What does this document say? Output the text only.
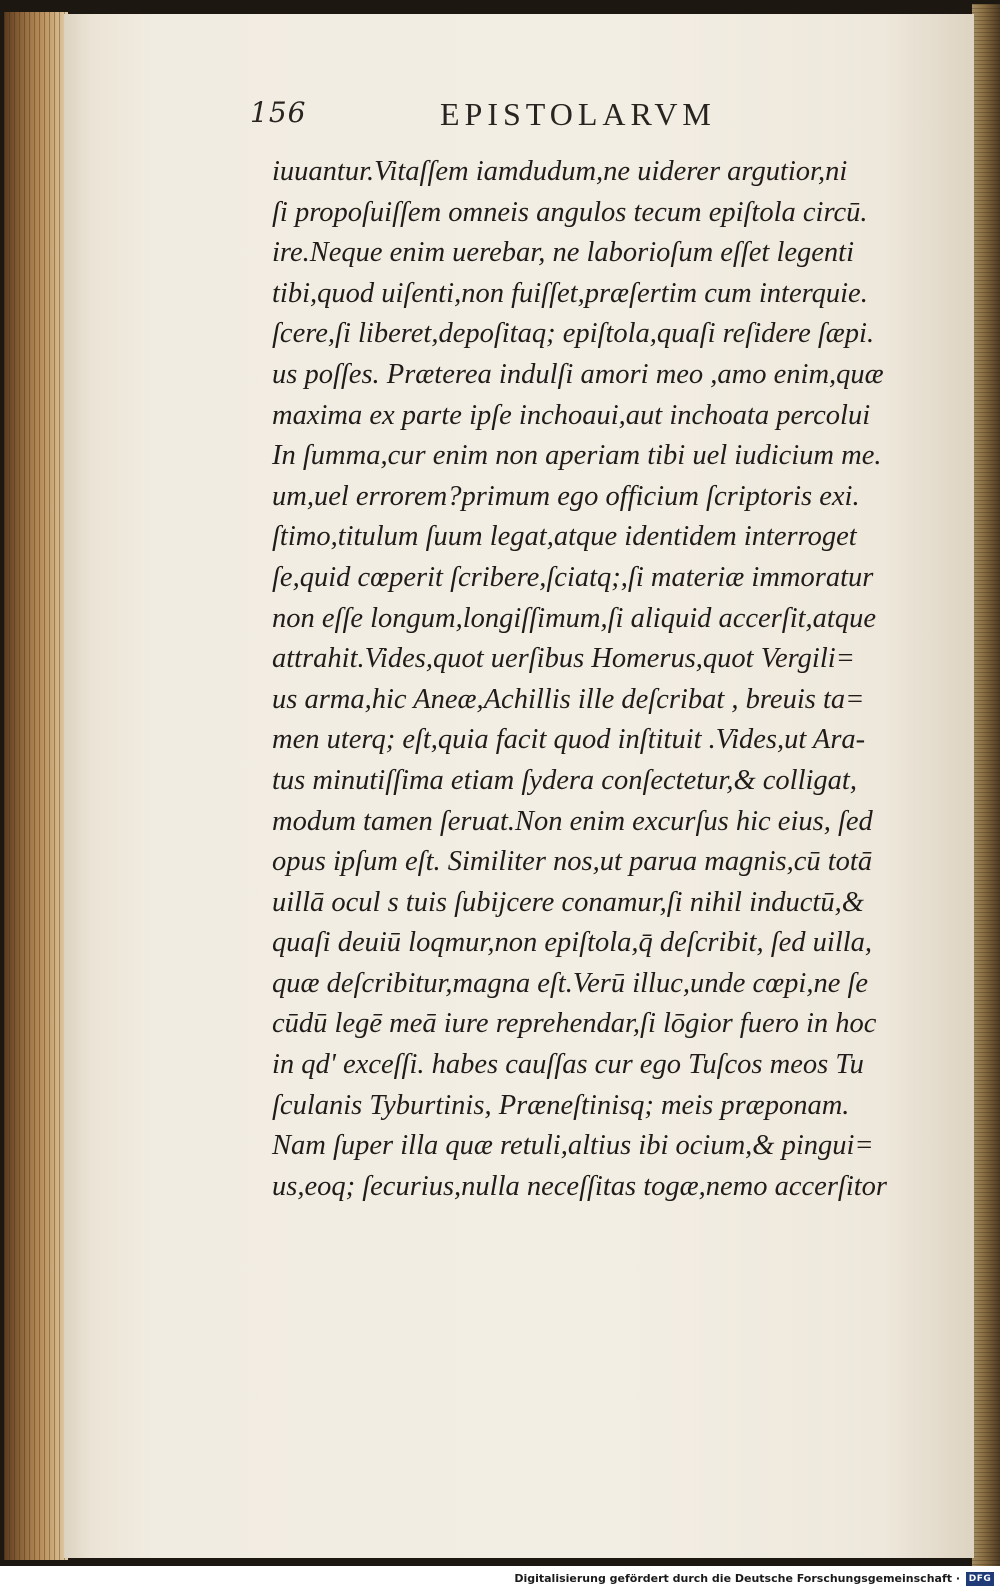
156	EPISTOLARVM
iuuantur.Vitaſſem iamdudum,ne uiderer argutior,ni
ſi propoſuiſſem omneis angulos tecum epiſtola circū.
ire.Neque enim uerebar, ne laborioſum eſſet legenti
tibi,quod uiſenti,non fuiſſet,præſertim cum interquie.
ſcere,ſi liberet,depoſitaq; epiſtola,quaſi reſidere ſæpi.
us poſſes. Præterea indulſi amori meo ,amo enim,quæ
maxima ex parte ipſe inchoaui,aut inchoata percolui
In ſumma,cur enim non aperiam tibi uel iudicium me.
um,uel errorem?primum ego officium ſcriptoris exi.
ſtimo,titulum ſuum legat,atque identidem interroget
ſe,quid cœperit ſcribere,ſciatq;,ſi materiæ immoratur
non eſſe longum,longiſſimum,ſi aliquid accerſit,atque
attrahit.Vides,quot uerſibus Homerus,quot Vergili=
us arma,hic Aneæ,Achillis ille deſcribat , breuis ta=
men uterq; eſt,quia facit quod inſtituit .Vides,ut Ara-
tus minutiſſima etiam ſydera conſectetur,& colligat,
modum tamen ſeruat.Non enim excurſus hic eius, ſed
opus ipſum eſt. Similiter nos,ut parua magnis,cū totā
uillā ocul s tuis ſubijcere conamur,ſi nihil inductū,&
quaſi deuiū loqmur,non epiſtola,q̄ deſcribit, ſed uilla,
quæ deſcribitur,magna eſt.Verū illuc,unde cœpi,ne ſe
cūdū legē meā iure reprehendar,ſi lōgior fuero in hoc
in qd' exceſſi. habes cauſſas cur ego Tuſcos meos Tu
ſculanis Tyburtinis, Præneſtinisq; meis præponam.
Nam ſuper illa quæ retuli,altius ibi ocium,& pingui=
us,eoq; ſecurius,nulla neceſſitas togæ,nemo accerſitor
Digitalisierung gefördert durch die Deutsche Forschungsgemeinschaft · DFG
